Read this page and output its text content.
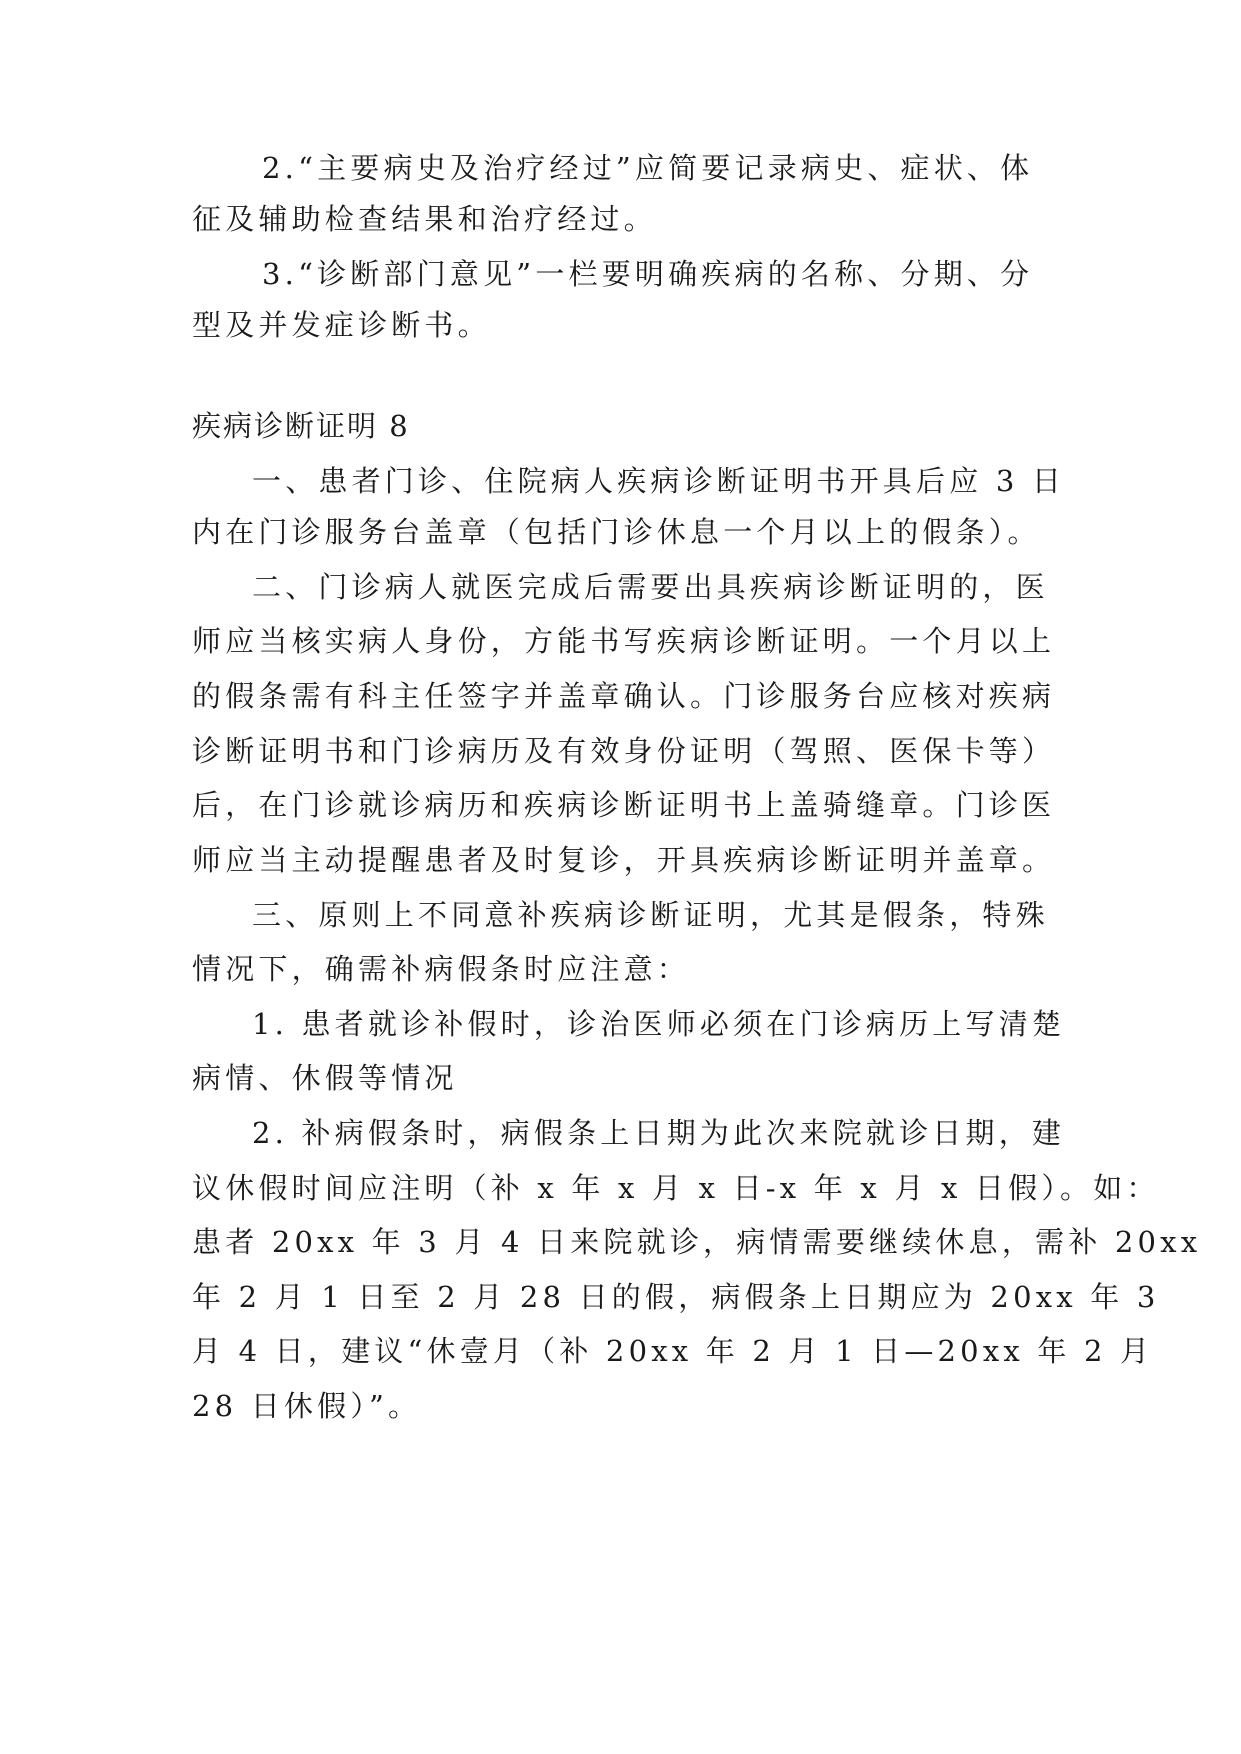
2.“主要病史及治疗经过”应简要记录病史、症状、体
征及辅助检查结果和治疗经过。
3.“诊断部门意见”一栏要明确疾病的名称、分期、分
型及并发症诊断书。
疾病诊断证明 8
一、患者门诊、住院病人疾病诊断证明书开具后应 3 日
内在门诊服务台盖章（包括门诊休息一个月以上的假条）。
二、门诊病人就医完成后需要出具疾病诊断证明的，医
师应当核实病人身份，方能书写疾病诊断证明。一个月以上
的假条需有科主任签字并盖章确认。门诊服务台应核对疾病
诊断证明书和门诊病历及有效身份证明（驾照、医保卡等）
后，在门诊就诊病历和疾病诊断证明书上盖骑缝章。门诊医
师应当主动提醒患者及时复诊，开具疾病诊断证明并盖章。
三、原则上不同意补疾病诊断证明，尤其是假条，特殊
情况下，确需补病假条时应注意：
1. 患者就诊补假时，诊治医师必须在门诊病历上写清楚
病情、休假等情况
2. 补病假条时，病假条上日期为此次来院就诊日期，建
议休假时间应注明（补 x 年 x 月 x 日-x 年 x 月 x 日假）。如：
患者 20xx 年 3 月 4 日来院就诊，病情需要继续休息，需补 20xx
年 2 月 1 日至 2 月 28 日的假，病假条上日期应为 20xx 年 3
月 4 日，建议“休壹月（补 20xx 年 2 月 1 日—20xx 年 2 月
28 日休假）”。
